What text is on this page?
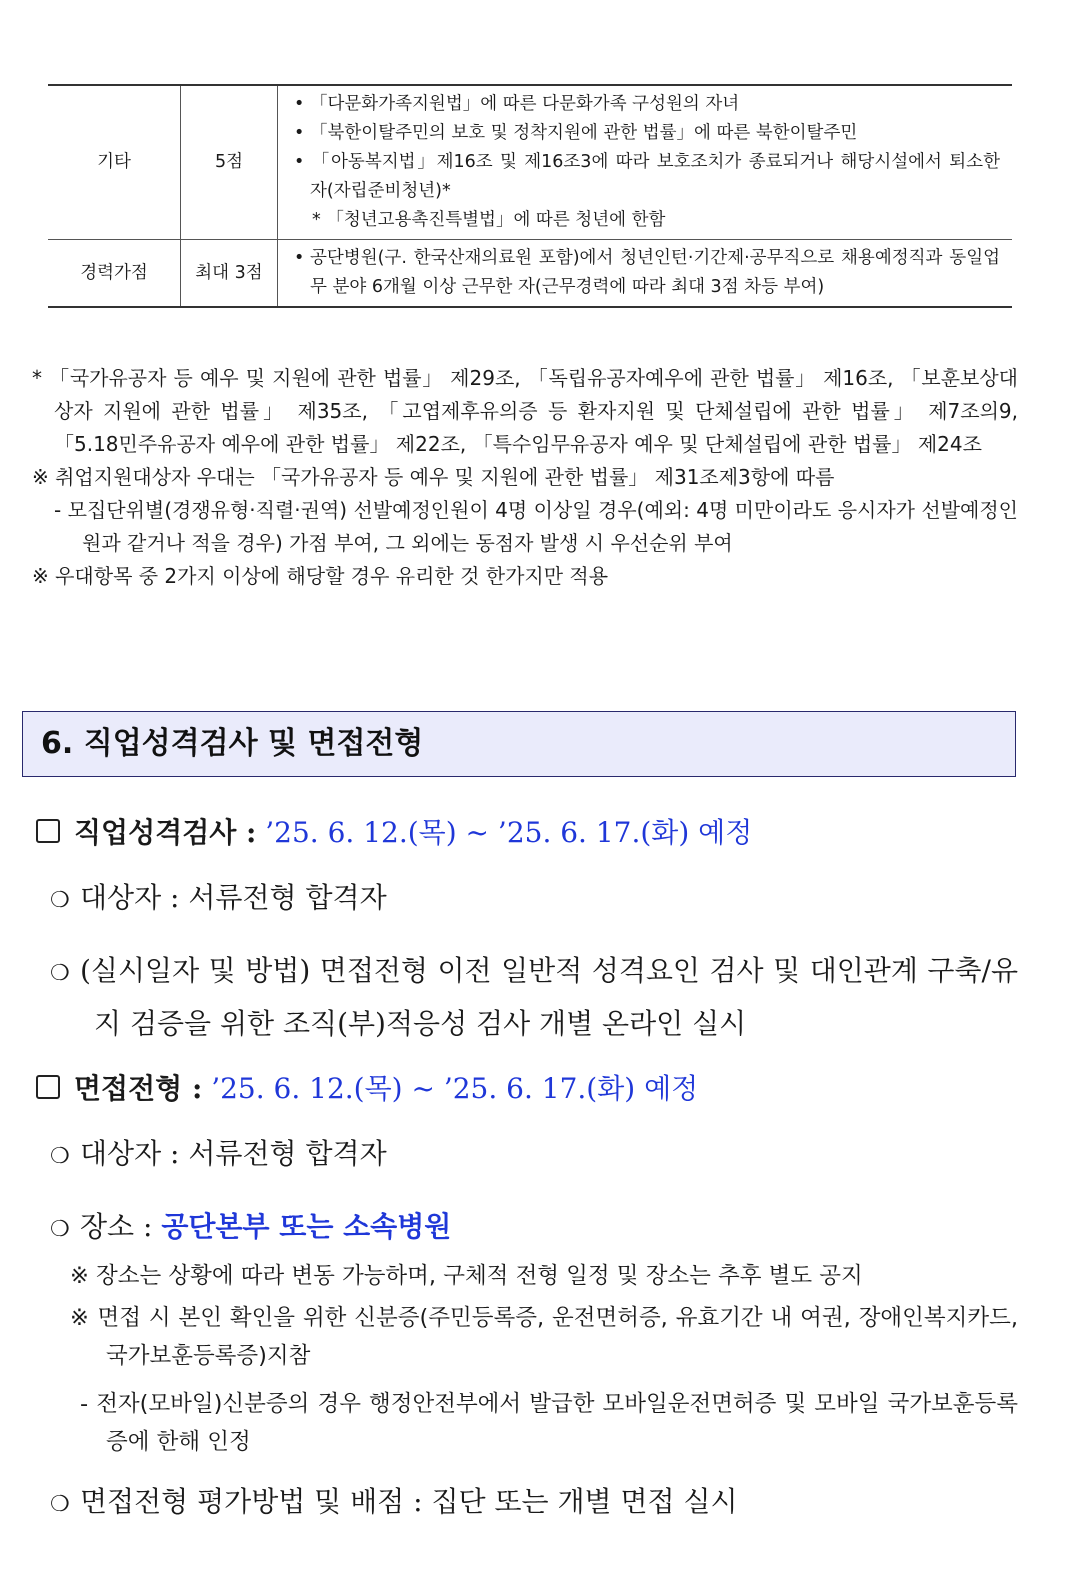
기타	5점	• 「다문화가족지원법」에 따른 다문화가족 구성원의 자녀
• 「북한이탈주민의 보호 및 정착지원에 관한 법률」에 따른 북한이탈주민
• 「아동복지법」제16조 및 제16조3에 따라 보호조치가 종료되거나 해당시설에서 퇴소한 자(자립준비청년)*
* 「청년고용촉진특별법」에 따른 청년에 한함

경력가점	최대 3점	• 공단병원(구. 한국산재의료원 포함)에서 청년인턴·기간제·공무직으로 채용예정직과 동일업무 분야 6개월 이상 근무한 자(근무경력에 따라 최대 3점 차등 부여)
* 「국가유공자 등 예우 및 지원에 관한 법률」 제29조, 「독립유공자예우에 관한 법률」 제16조, 「보훈보상대상자 지원에 관한 법률」 제35조, 「고엽제후유의증 등 환자지원 및 단체설립에 관한 법률」 제7조의9, 「5.18민주유공자 예우에 관한 법률」 제22조, 「특수임무유공자 예우 및 단체설립에 관한 법률」 제24조
※ 취업지원대상자 우대는 「국가유공자 등 예우 및 지원에 관한 법률」 제31조제3항에 따름
- 모집단위별(경쟁유형·직렬·권역) 선발예정인원이 4명 이상일 경우(예외: 4명 미만이라도 응시자가 선발예정인원과 같거나 적을 경우) 가점 부여, 그 외에는 동점자 발생 시 우선순위 부여
※ 우대항목 중 2가지 이상에 해당할 경우 유리한 것 한가지만 적용
6. 직업성격검사 및 면접전형
직업성격검사 : ’25. 6. 12.(목) ~ ’25. 6. 17.(화) 예정
❍ 대상자 : 서류전형 합격자
❍ (실시일자 및 방법) 면접전형 이전 일반적 성격요인 검사 및 대인관계 구축/유지 검증을 위한 조직(부)적응성 검사 개별 온라인 실시
면접전형 : ’25. 6. 12.(목) ~ ’25. 6. 17.(화) 예정
❍ 대상자 : 서류전형 합격자
❍ 장소 : 공단본부 또는 소속병원
※ 장소는 상황에 따라 변동 가능하며, 구체적 전형 일정 및 장소는 추후 별도 공지
※ 면접 시 본인 확인을 위한 신분증(주민등록증, 운전면허증, 유효기간 내 여권, 장애인복지카드, 국가보훈등록증)지참
- 전자(모바일)신분증의 경우 행정안전부에서 발급한 모바일운전면허증 및 모바일 국가보훈등록증에 한해 인정
❍ 면접전형 평가방법 및 배점 : 집단 또는 개별 면접 실시
